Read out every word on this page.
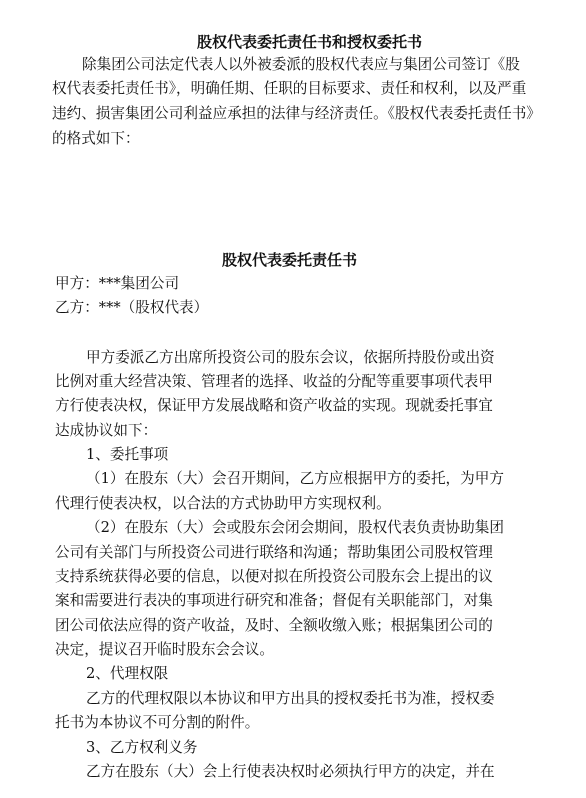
股权代表委托责任书和授权委托书
除集团公司法定代表人以外被委派的股权代表应与集团公司签订《股
权代表委托责任书》，明确任期、任职的目标要求、责任和权利，以及严重
违约、损害集团公司利益应承担的法律与经济责任。《股权代表委托责任书》
的格式如下：
股权代表委托责任书
甲方：***集团公司
乙方：***（股权代表）
甲方委派乙方出席所投资公司的股东会议，依据所持股份或出资
比例对重大经营决策、管理者的选择、收益的分配等重要事项代表甲
方行使表决权，保证甲方发展战略和资产收益的实现。现就委托事宜
达成协议如下：
1、委托事项
（1）在股东（大）会召开期间，乙方应根据甲方的委托，为甲方
代理行使表决权，以合法的方式协助甲方实现权利。
（2）在股东（大）会或股东会闭会期间，股权代表负责协助集团
公司有关部门与所投资公司进行联络和沟通；帮助集团公司股权管理
支持系统获得必要的信息，以便对拟在所投资公司股东会上提出的议
案和需要进行表决的事项进行研究和准备；督促有关职能部门，对集
团公司依法应得的资产收益，及时、全额收缴入账；根据集团公司的
决定，提议召开临时股东会会议。
2、代理权限
乙方的代理权限以本协议和甲方出具的授权委托书为准，授权委
托书为本协议不可分割的附件。
3、乙方权利义务
乙方在股东（大）会上行使表决权时必须执行甲方的决定，并在
